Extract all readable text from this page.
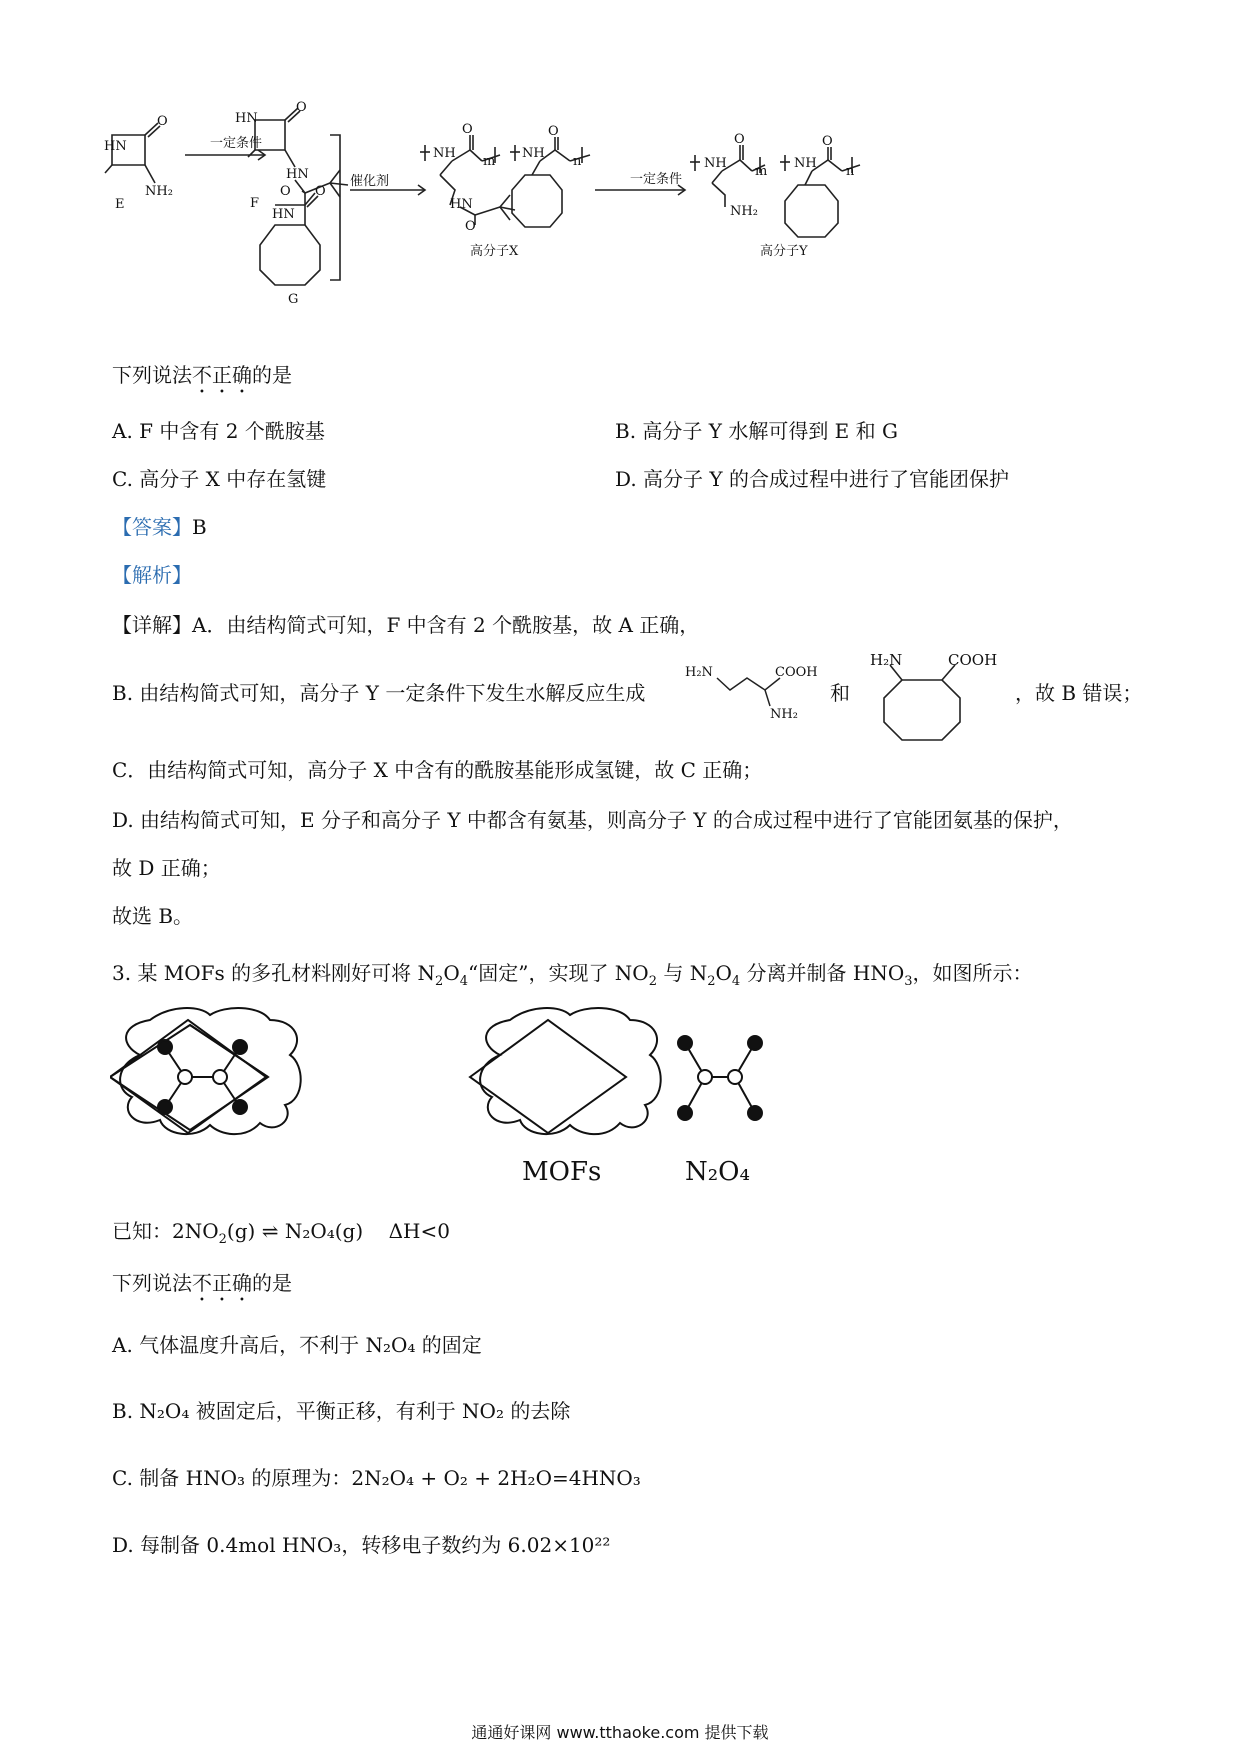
HN
O
NH₂
E
一定条件
HN
O
HN
O
F
HN
O
G
催化剂
NH
O
m
HN
O
NH
O
n
高分子X
一定条件
NH
O
m
NH₂
NH
O
n
高分子Y
下列说法不正确的是
A. F 中含有 2 个酰胺基	B. 高分子 Y 水解可得到 E 和 G
C. 高分子 X 中存在氢键	D. 高分子 Y 的合成过程中进行了官能团保护
【答案】B
【解析】
【详解】A．由结构简式可知，F 中含有 2 个酰胺基，故 A 正确，
B. 由结构简式可知，高分子 Y 一定条件下发生水解反应生成
H₂N	COOH
NH₂
和
H₂N	COOH
，故 B 错误；
C．由结构简式可知，高分子 X 中含有的酰胺基能形成氢键，故 C 正确；
D. 由结构简式可知，E 分子和高分子 Y 中都含有氨基，则高分子 Y 的合成过程中进行了官能团氨基的保护，
故 D 正确；
故选 B。
3. 某 MOFs 的多孔材料刚好可将 $N_2O_4“$固定”，实现了 $NO_2$ 与 $N_2O_4$ 分离并制备 $HNO_3$，如图所示：
MOFs	N₂O₄
已知：$2NO_2(g)$ ⇌ N₂O₄(g) ΔH<0
下列说法不正确的是
A. 气体温度升高后，不利于 N₂O₄ 的固定
B. N₂O₄ 被固定后，平衡正移，有利于 NO₂ 的去除
C. 制备 HNO₃ 的原理为：2N₂O₄ + O₂ + 2H₂O=4HNO₃
D. 每制备 0.4mol HNO₃，转移电子数约为 6.02×10²²
通通好课网 www.tthaoke.com 提供下载
